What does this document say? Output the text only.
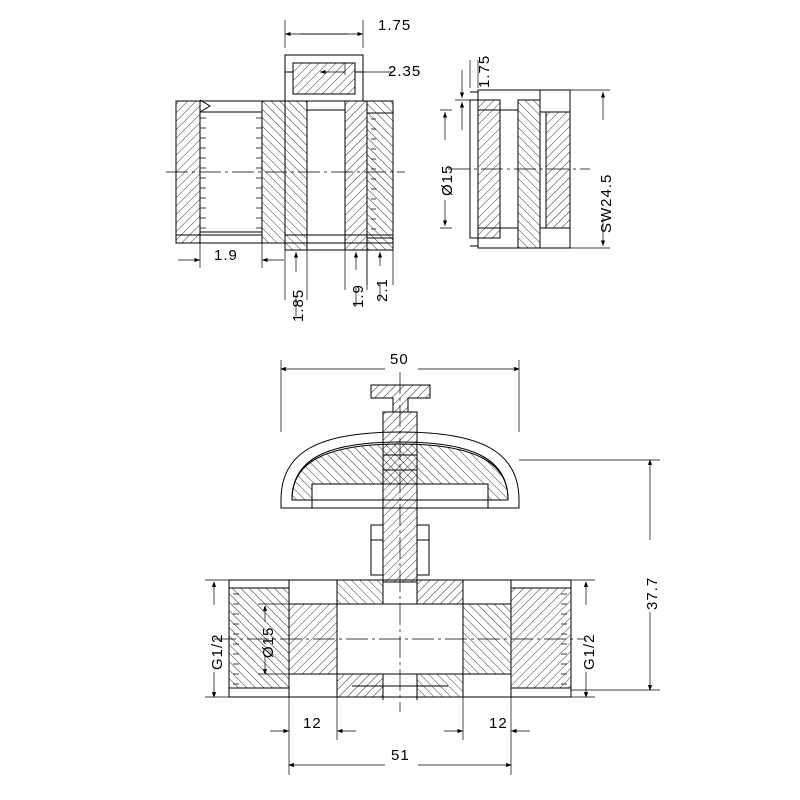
1.75
2.35	1.75
Ø15	SW24.5
1.9
1.85	1.9 2.1
50
37.7
G1/2 Ø15	G1/2
12	12
51
